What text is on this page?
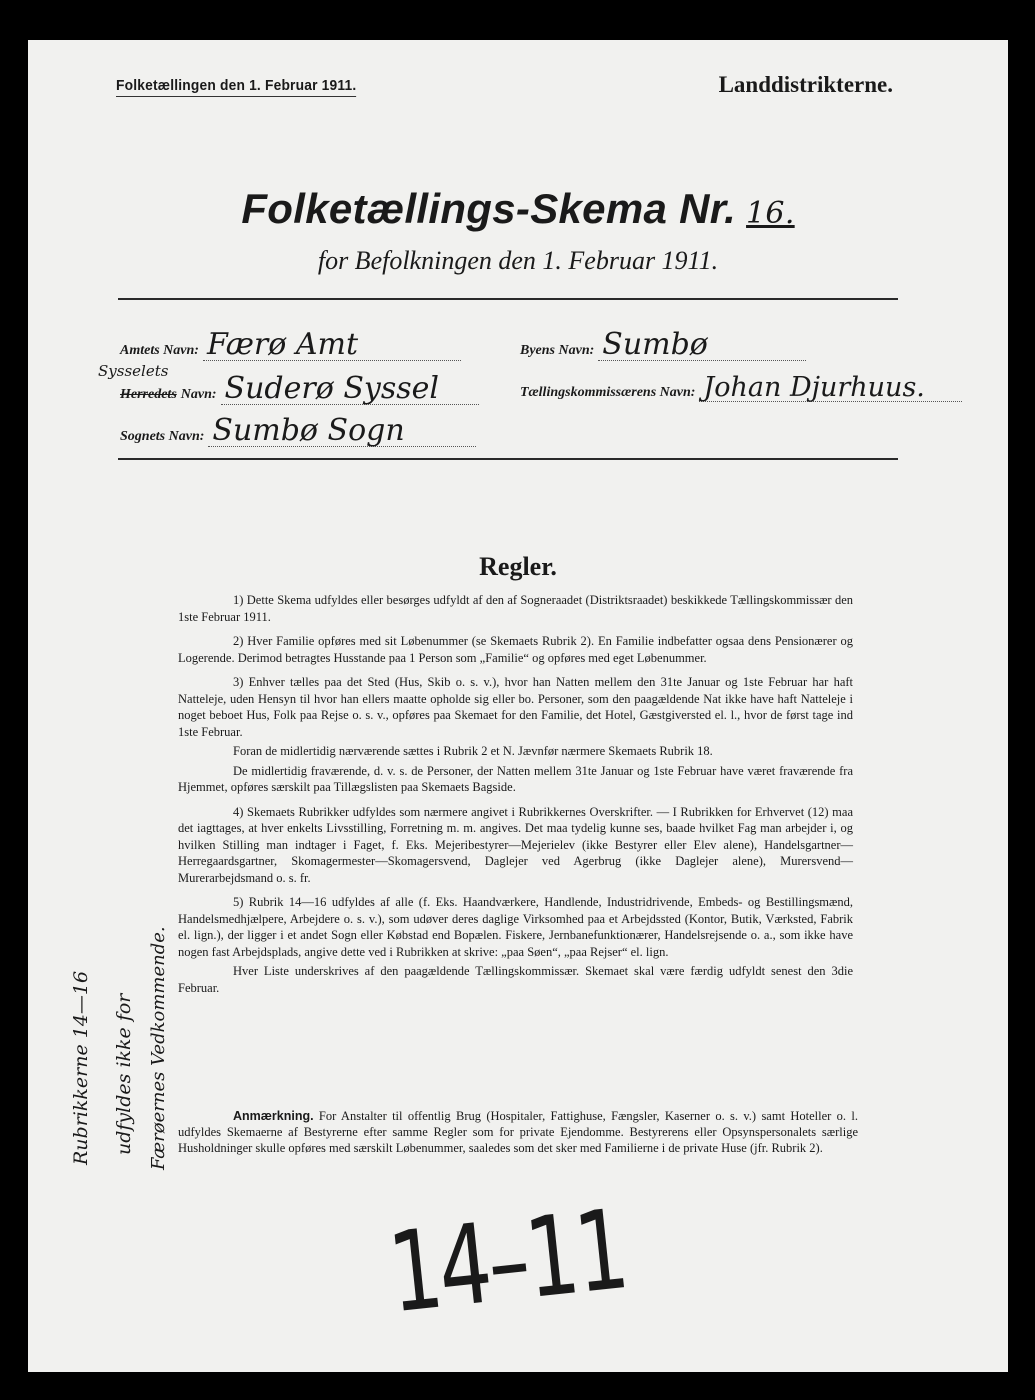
Folketællingen den 1. Februar 1911.	Landdistrikterne.
Folketællings-Skema Nr. 16.
for Befolkningen den 1. Februar 1911.
Amtets Navn: Færø Amt
Sysselets
Herredets Navn: Suderø Syssel
Sognets Navn: Sumbø Sogn
Byens Navn: Sumbø
Tællingskommissærens Navn: Johan Djurhuus.
Regler.

1) Dette Skema udfyldes eller besørges udfyldt af den af Sogneraadet (Distriktsraadet) beskikkede Tællingskommissær den 1ste Februar 1911.

2) Hver Familie opføres med sit Løbenummer (se Skemaets Rubrik 2). En Familie indbefatter ogsaa dens Pensionærer og Logerende. Derimod betragtes Husstande paa 1 Person som „Familie“ og opføres med eget Løbenummer.

3) Enhver tælles paa det Sted (Hus, Skib o. s. v.), hvor han Natten mellem den 31te Januar og 1ste Februar har haft Natteleje, uden Hensyn til hvor han ellers maatte opholde sig eller bo. Personer, som den paagældende Nat ikke have haft Natteleje i noget beboet Hus, Folk paa Rejse o. s. v., opføres paa Skemaet for den Familie, det Hotel, Gæstgiversted el. l., hvor de først tage ind 1ste Februar.

Foran de midlertidig nærværende sættes i Rubrik 2 et N. Jævnfør nærmere Skemaets Rubrik 18.

De midlertidig fraværende, d. v. s. de Personer, der Natten mellem 31te Januar og 1ste Februar have været fraværende fra Hjemmet, opføres særskilt paa Tillægslisten paa Skemaets Bagside.

4) Skemaets Rubrikker udfyldes som nærmere angivet i Rubrikkernes Overskrifter. — I Rubrikken for Erhvervet (12) maa det iagttages, at hver enkelts Livsstilling, Forretning m. m. angives. Det maa tydelig kunne ses, baade hvilket Fag man arbejder i, og hvilken Stilling man indtager i Faget, f. Eks. Mejeribestyrer—Mejerielev (ikke Bestyrer eller Elev alene), Handelsgartner—Herregaardsgartner, Skomagermester—Skomagersvend, Daglejer ved Agerbrug (ikke Daglejer alene), Murersvend—Murerarbejdsmand o. s. fr.

5) Rubrik 14—16 udfyldes af alle (f. Eks. Haandværkere, Handlende, Industridrivende, Embeds- og Bestillingsmænd, Handelsmedhjælpere, Arbejdere o. s. v.), som udøver deres daglige Virksomhed paa et Arbejdssted (Kontor, Butik, Værksted, Fabrik el. lign.), der ligger i et andet Sogn eller Købstad end Bopælen. Fiskere, Jernbanefunktionærer, Handelsrejsende o. a., som ikke have nogen fast Arbejdsplads, angive dette ved i Rubrikken at skrive: „paa Søen“, „paa Rejser“ el. lign.

Hver Liste underskrives af den paagældende Tællingskommissær. Skemaet skal være færdig udfyldt senest den 3die Februar.

Anmærkning. For Anstalter til offentlig Brug (Hospitaler, Fattighuse, Fængsler, Kaserner o. s. v.) samt Hoteller o. l. udfyldes Skemaerne af Bestyrerne efter samme Regler som for private Ejendomme. Bestyrerens eller Opsynspersonalets særlige Husholdninger skulle opføres med særskilt Løbenummer, saaledes som det sker med Familierne i de private Huse (jfr. Rubrik 2).
Rubrikkerne 14—16 udfyldes ikke for Færøernes Vedkommende.
14–11
